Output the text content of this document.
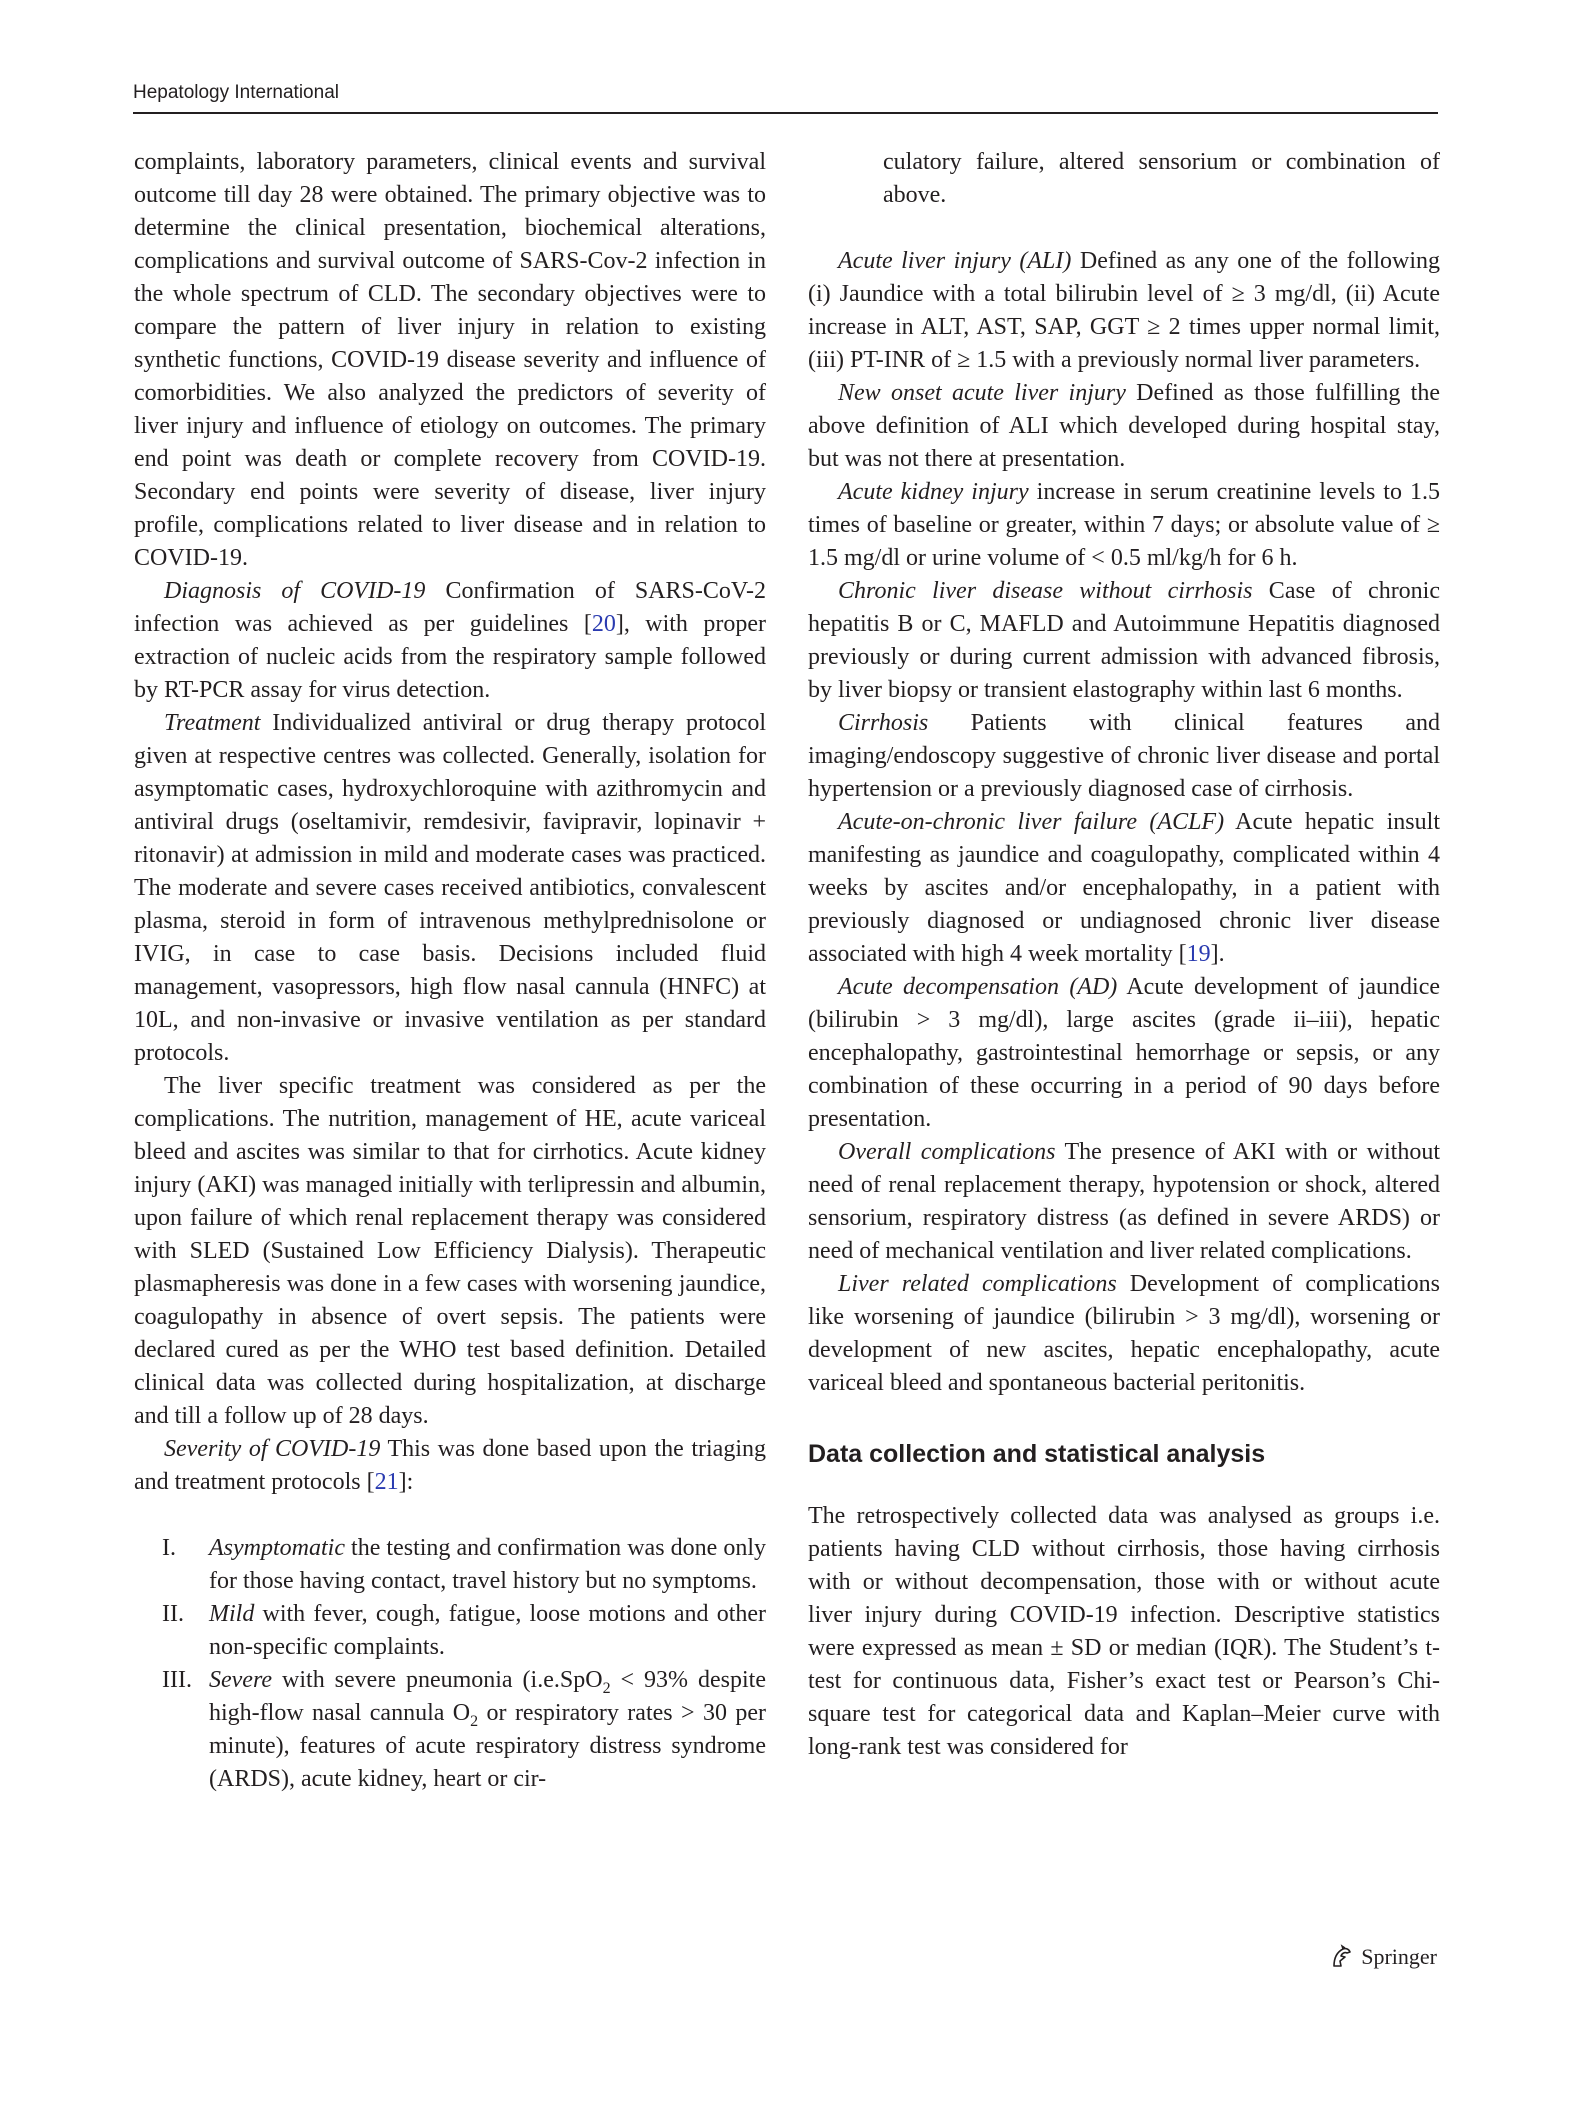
Hepatology International

complaints, laboratory parameters, clinical events and survival outcome till day 28 were obtained. The primary objective was to determine the clinical presentation, biochemical alterations, complications and survival outcome of SARS-Cov-2 infection in the whole spectrum of CLD. The secondary objectives were to compare the pattern of liver injury in relation to existing synthetic functions, COVID-19 disease severity and influence of comorbidities. We also analyzed the predictors of severity of liver injury and influence of etiology on outcomes. The primary end point was death or complete recovery from COVID-19. Secondary end points were severity of disease, liver injury profile, complications related to liver disease and in relation to COVID-19.

Diagnosis of COVID-19 Confirmation of SARS-CoV-2 infection was achieved as per guidelines [20], with proper extraction of nucleic acids from the respiratory sample followed by RT-PCR assay for virus detection.

Treatment Individualized antiviral or drug therapy protocol given at respective centres was collected. Generally, isolation for asymptomatic cases, hydroxychloroquine with azithromycin and antiviral drugs (oseltamivir, remdesivir, favipravir, lopinavir + ritonavir) at admission in mild and moderate cases was practiced. The moderate and severe cases received antibiotics, convalescent plasma, steroid in form of intravenous methylprednisolone or IVIG, in case to case basis. Decisions included fluid management, vasopressors, high flow nasal cannula (HNFC) at 10L, and non-invasive or invasive ventilation as per standard protocols.

The liver specific treatment was considered as per the complications. The nutrition, management of HE, acute variceal bleed and ascites was similar to that for cirrhotics. Acute kidney injury (AKI) was managed initially with terlipressin and albumin, upon failure of which renal replacement therapy was considered with SLED (Sustained Low Efficiency Dialysis). Therapeutic plasmapheresis was done in a few cases with worsening jaundice, coagulopathy in absence of overt sepsis. The patients were declared cured as per the WHO test based definition. Detailed clinical data was collected during hospitalization, at discharge and till a follow up of 28 days.

Severity of COVID-19 This was done based upon the triaging and treatment protocols [21]:

I. Asymptomatic the testing and confirmation was done only for those having contact, travel history but no symptoms.
II. Mild with fever, cough, fatigue, loose motions and other non-specific complaints.
III. Severe with severe pneumonia (i.e.SpO$_2$ < 93% despite high-flow nasal cannula $O_2$ or respiratory rates > 30 per minute), features of acute respiratory distress syndrome (ARDS), acute kidney, heart or cir-

culatory failure, altered sensorium or combination of above.

Acute liver injury (ALI) Defined as any one of the following (i) Jaundice with a total bilirubin level of ≥ 3 mg/dl, (ii) Acute increase in ALT, AST, SAP, GGT ≥ 2 times upper normal limit, (iii) PT-INR of ≥ 1.5 with a previously normal liver parameters.

New onset acute liver injury Defined as those fulfilling the above definition of ALI which developed during hospital stay, but was not there at presentation.

Acute kidney injury increase in serum creatinine levels to 1.5 times of baseline or greater, within 7 days; or absolute value of ≥ 1.5 mg/dl or urine volume of < 0.5 ml/kg/h for 6 h.

Chronic liver disease without cirrhosis Case of chronic hepatitis B or C, MAFLD and Autoimmune Hepatitis diagnosed previously or during current admission with advanced fibrosis, by liver biopsy or transient elastography within last 6 months.

Cirrhosis Patients with clinical features and imaging/endoscopy suggestive of chronic liver disease and portal hypertension or a previously diagnosed case of cirrhosis.

Acute-on-chronic liver failure (ACLF) Acute hepatic insult manifesting as jaundice and coagulopathy, complicated within 4 weeks by ascites and/or encephalopathy, in a patient with previously diagnosed or undiagnosed chronic liver disease associated with high 4 week mortality [19].

Acute decompensation (AD) Acute development of jaundice (bilirubin > 3 mg/dl), large ascites (grade ii–iii), hepatic encephalopathy, gastrointestinal hemorrhage or sepsis, or any combination of these occurring in a period of 90 days before presentation.

Overall complications The presence of AKI with or without need of renal replacement therapy, hypotension or shock, altered sensorium, respiratory distress (as defined in severe ARDS) or need of mechanical ventilation and liver related complications.

Liver related complications Development of complications like worsening of jaundice (bilirubin > 3 mg/dl), worsening or development of new ascites, hepatic encephalopathy, acute variceal bleed and spontaneous bacterial peritonitis.

Data collection and statistical analysis

The retrospectively collected data was analysed as groups i.e. patients having CLD without cirrhosis, those having cirrhosis with or without decompensation, those with or without acute liver injury during COVID-19 infection. Descriptive statistics were expressed as mean ± SD or median (IQR). The Student’s t-test for continuous data, Fisher’s exact test or Pearson’s Chi-square test for categorical data and Kaplan–Meier curve with long-rank test was considered for

Springer
